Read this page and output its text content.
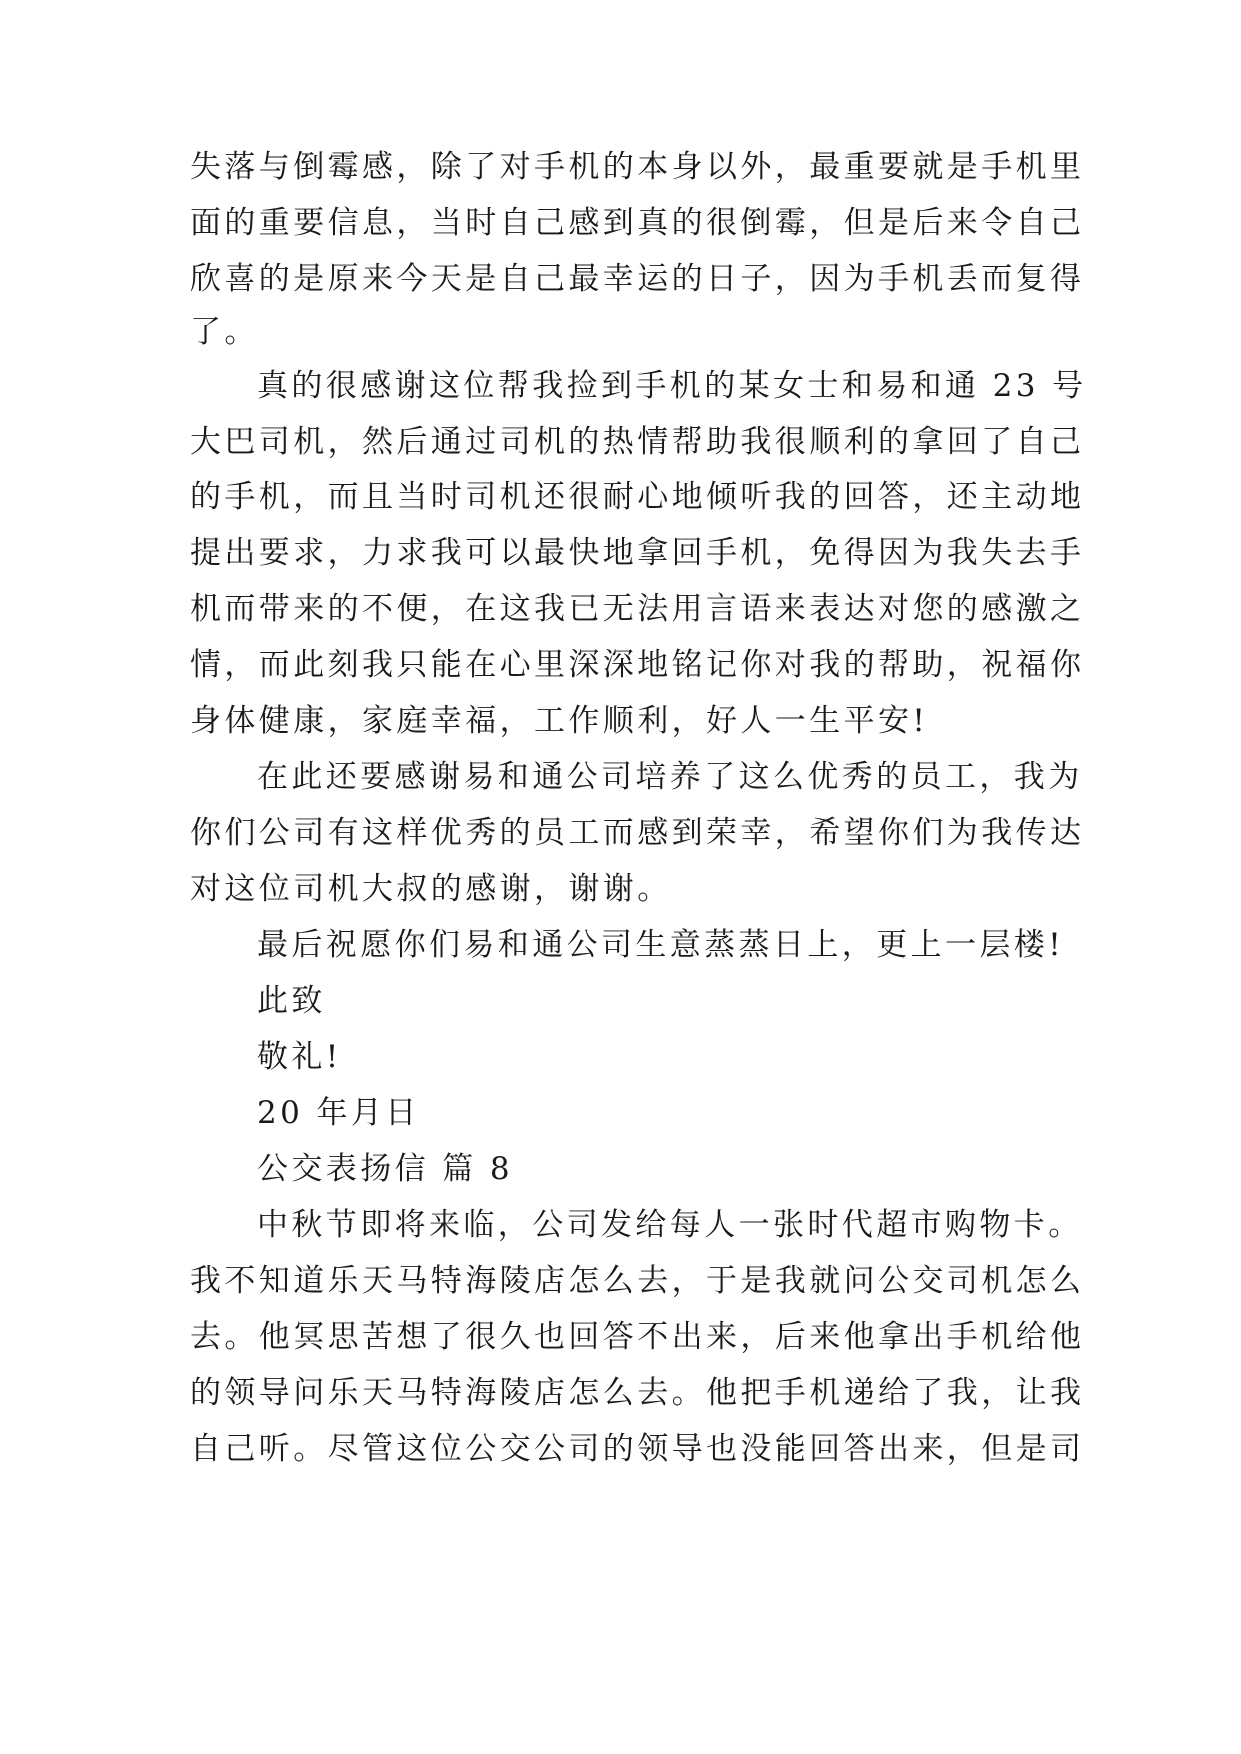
失落与倒霉感，除了对手机的本身以外，最重要就是手机里
面的重要信息，当时自己感到真的很倒霉，但是后来令自己
欣喜的是原来今天是自己最幸运的日子，因为手机丢而复得
了。
真的很感谢这位帮我捡到手机的某女士和易和通 23 号
大巴司机，然后通过司机的热情帮助我很顺利的拿回了自己
的手机，而且当时司机还很耐心地倾听我的回答，还主动地
提出要求，力求我可以最快地拿回手机，免得因为我失去手
机而带来的不便，在这我已无法用言语来表达对您的感激之
情，而此刻我只能在心里深深地铭记你对我的帮助，祝福你
身体健康，家庭幸福，工作顺利，好人一生平安!
在此还要感谢易和通公司培养了这么优秀的员工，我为
你们公司有这样优秀的员工而感到荣幸，希望你们为我传达
对这位司机大叔的感谢，谢谢。
最后祝愿你们易和通公司生意蒸蒸日上，更上一层楼!
此致
敬礼!
20 年月日
公交表扬信 篇 8
中秋节即将来临，公司发给每人一张时代超市购物卡。
我不知道乐天马特海陵店怎么去，于是我就问公交司机怎么
去。他冥思苦想了很久也回答不出来，后来他拿出手机给他
的领导问乐天马特海陵店怎么去。他把手机递给了我，让我
自己听。尽管这位公交公司的领导也没能回答出来，但是司
